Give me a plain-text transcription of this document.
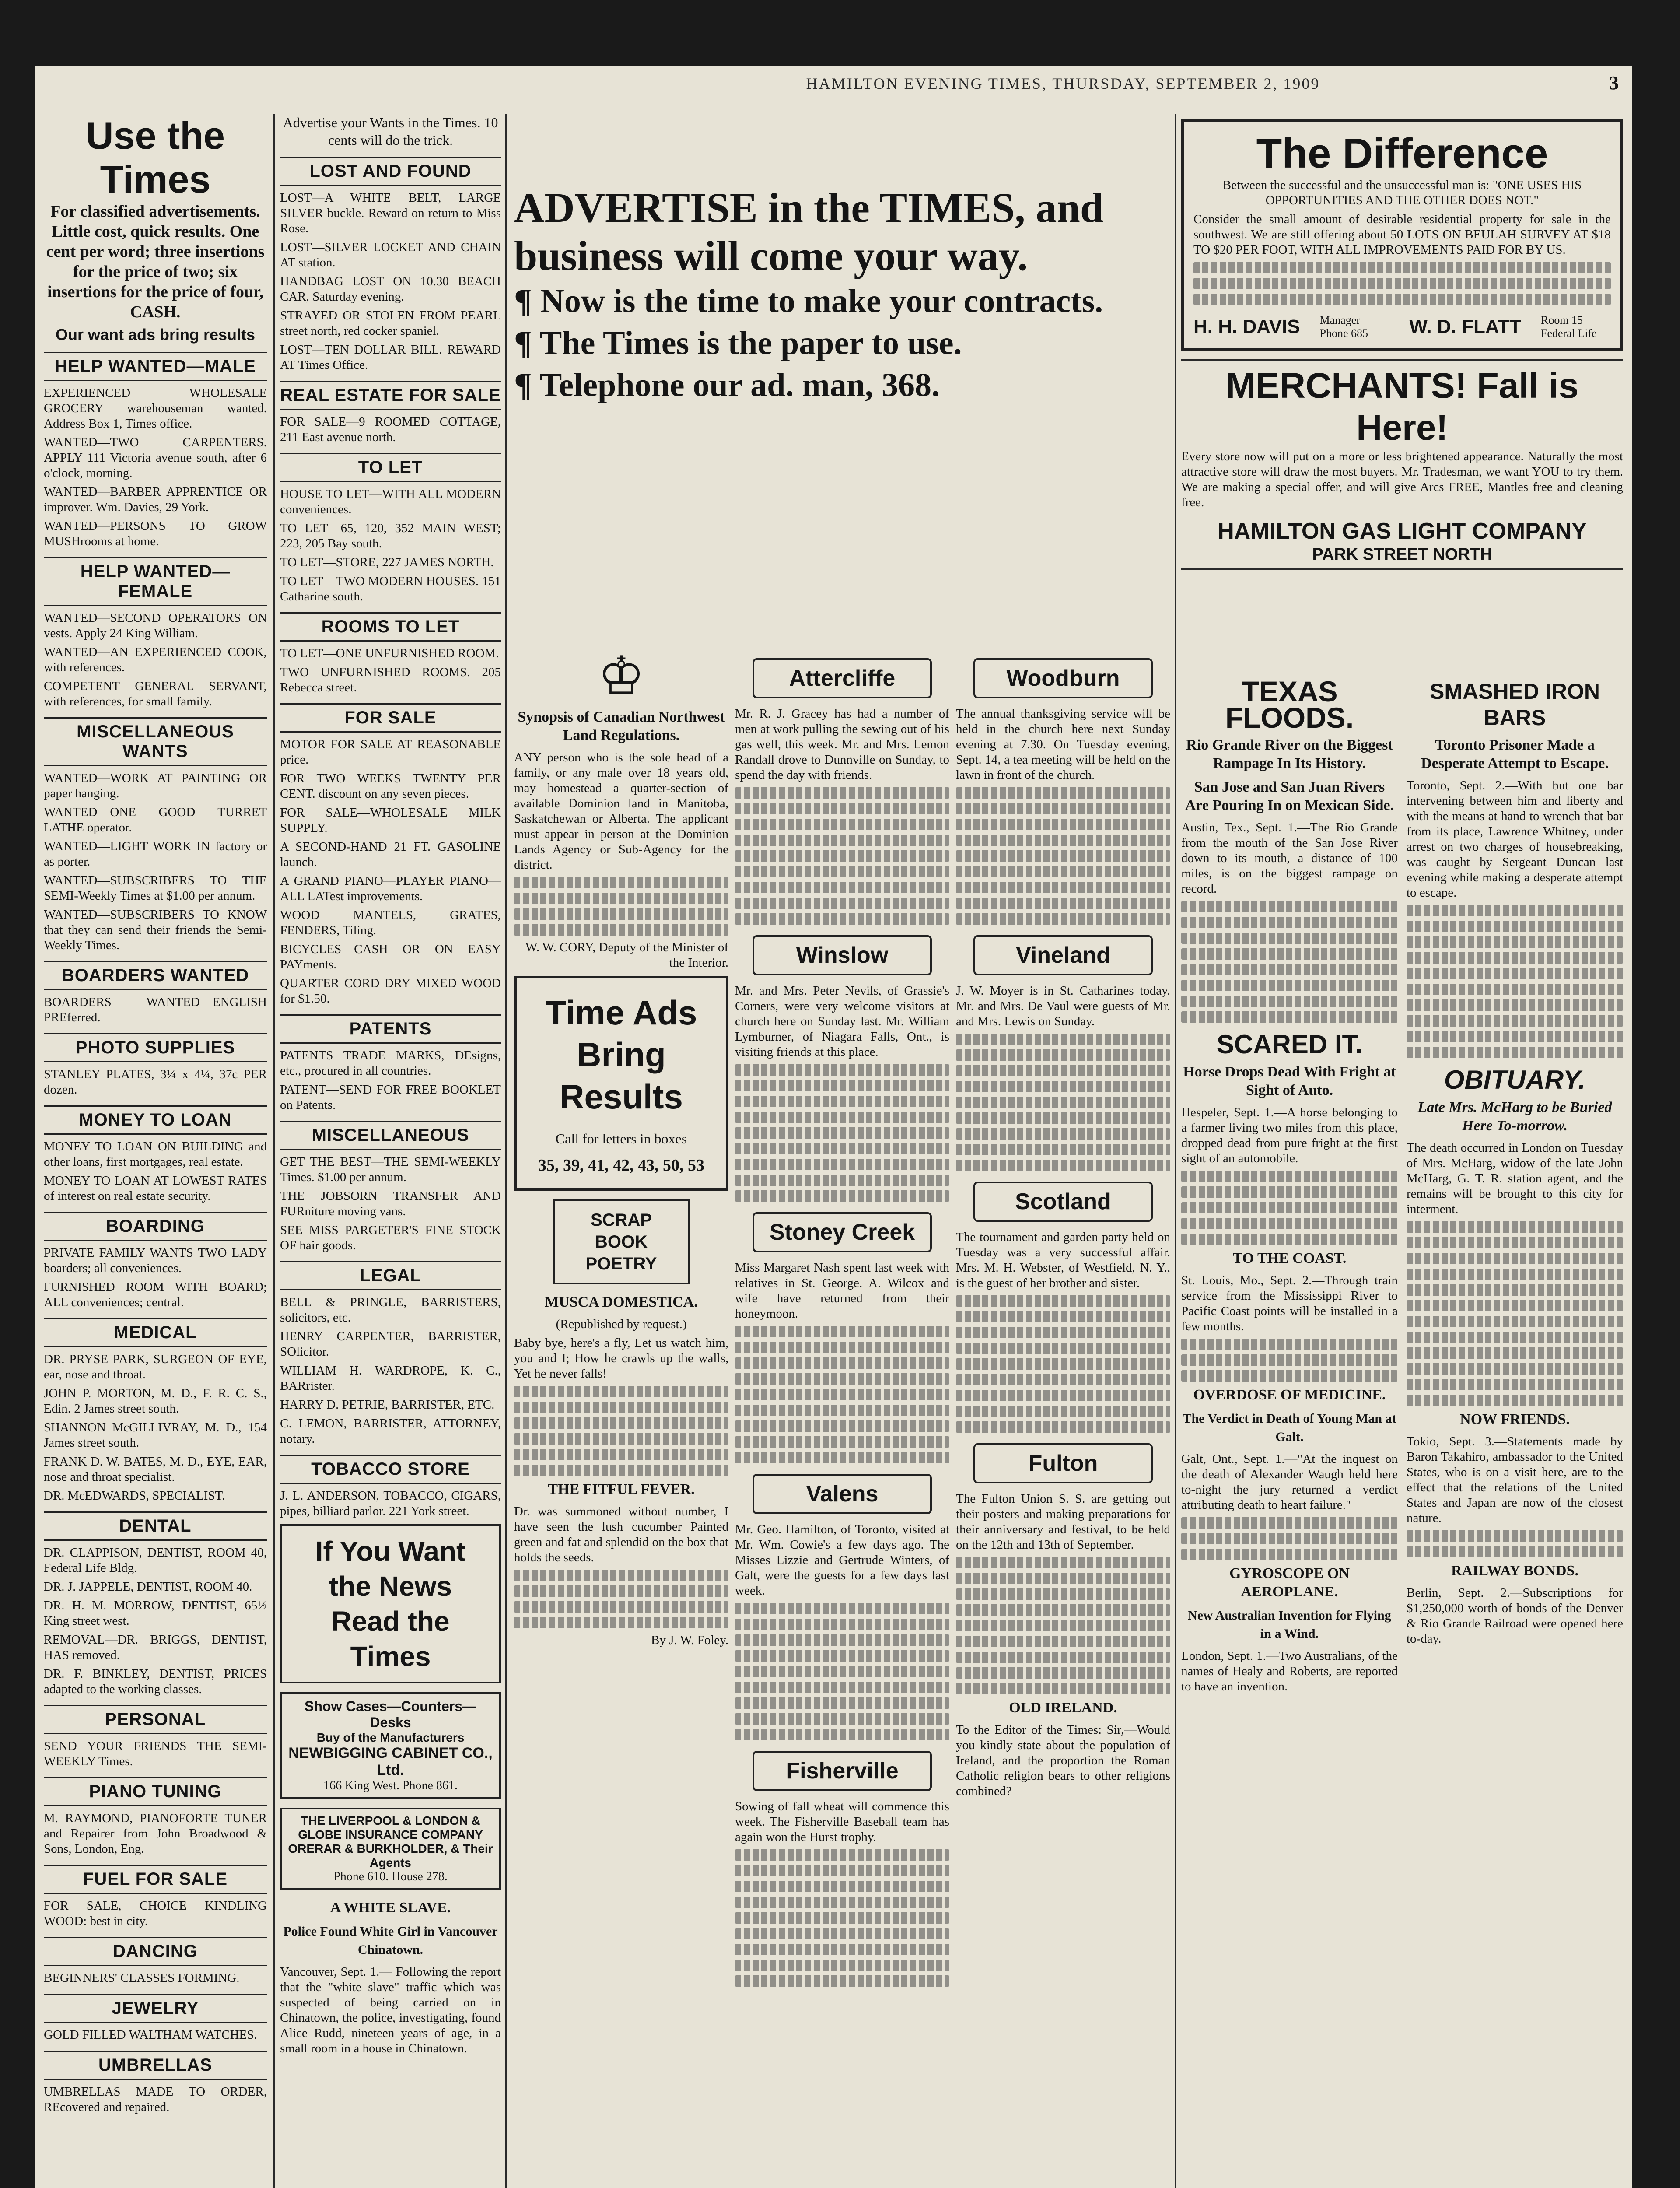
HAMILTON EVENING TIMES, THURSDAY, SEPTEMBER 2, 1909	3
Use the Times

For classified advertisements. Little cost, quick results. One cent per word; three insertions for the price of two; six insertions for the price of four, CASH.

Our want ads bring results
HELP WANTED—MALE

EXPERIENCED WHOLESALE GROCERY warehouseman wanted. Address Box 1, Times office.

WANTED—TWO CARPENTERS. APPLY 111 Victoria avenue south, after 6 o'clock, morning.

WANTED—BARBER APPRENTICE OR improver. Wm. Davies, 29 York.

WANTED—PERSONS TO GROW MUSHrooms at home.

HELP WANTED—FEMALE

WANTED—SECOND OPERATORS ON vests. Apply 24 King William.

WANTED—AN EXPERIENCED COOK, with references.

COMPETENT GENERAL SERVANT, with references, for small family.

MISCELLANEOUS WANTS

WANTED—WORK AT PAINTING OR paper hanging.

WANTED—ONE GOOD TURRET LATHE operator.

WANTED—LIGHT WORK IN factory or as porter.

WANTED—SUBSCRIBERS TO THE SEMI-Weekly Times at $1.00 per annum.

WANTED—SUBSCRIBERS TO KNOW that they can send their friends the Semi-Weekly Times.

BOARDERS WANTED

BOARDERS WANTED—ENGLISH PREferred.

PHOTO SUPPLIES

STANLEY PLATES, 3¼ x 4¼, 37c PER dozen.

MONEY TO LOAN

MONEY TO LOAN ON BUILDING and other loans, first mortgages, real estate.

MONEY TO LOAN AT LOWEST RATES of interest on real estate security.

BOARDING

PRIVATE FAMILY WANTS TWO LADY boarders; all conveniences.

FURNISHED ROOM WITH BOARD; ALL conveniences; central.

MEDICAL

DR. PRYSE PARK, SURGEON OF EYE, ear, nose and throat.

JOHN P. MORTON, M. D., F. R. C. S., Edin. 2 James street south.

SHANNON McGILLIVRAY, M. D., 154 James street south.

FRANK D. W. BATES, M. D., EYE, EAR, nose and throat specialist.

DR. McEDWARDS, SPECIALIST.

DENTAL

DR. CLAPPISON, DENTIST, ROOM 40, Federal Life Bldg.

DR. J. JAPPELE, DENTIST, ROOM 40.

DR. H. M. MORROW, DENTIST, 65½ King street west.

REMOVAL—DR. BRIGGS, DENTIST, HAS removed.

DR. F. BINKLEY, DENTIST, PRICES adapted to the working classes.

PERSONAL

SEND YOUR FRIENDS THE SEMI-WEEKLY Times.

PIANO TUNING

M. RAYMOND, PIANOFORTE TUNER and Repairer from John Broadwood & Sons, London, Eng.

FUEL FOR SALE

FOR SALE, CHOICE KINDLING WOOD: best in city.

DANCING

BEGINNERS' CLASSES FORMING.

JEWELRY

GOLD FILLED WALTHAM WATCHES.

UMBRELLAS

UMBRELLAS MADE TO ORDER, REcovered and repaired.

Advertise your Wants in the Times. 10 cents will do the trick.

LOST AND FOUND

LOST—A WHITE BELT, LARGE SILVER buckle. Reward on return to Miss Rose.

LOST—SILVER LOCKET AND CHAIN AT station.

HANDBAG LOST ON 10.30 BEACH CAR, Saturday evening.

STRAYED OR STOLEN FROM PEARL street north, red cocker spaniel.

LOST—TEN DOLLAR BILL. REWARD AT Times Office.

REAL ESTATE FOR SALE

FOR SALE—9 ROOMED COTTAGE, 211 East avenue north.

TO LET

HOUSE TO LET—WITH ALL MODERN conveniences.

TO LET—65, 120, 352 MAIN WEST; 223, 205 Bay south.

TO LET—STORE, 227 JAMES NORTH.

TO LET—TWO MODERN HOUSES. 151 Catharine south.

ROOMS TO LET

TO LET—ONE UNFURNISHED ROOM.

TWO UNFURNISHED ROOMS. 205 Rebecca street.

FOR SALE

MOTOR FOR SALE AT REASONABLE price.

FOR TWO WEEKS TWENTY PER CENT. discount on any seven pieces.

FOR SALE—WHOLESALE MILK SUPPLY.

A SECOND-HAND 21 FT. GASOLINE launch.

A GRAND PIANO—PLAYER PIANO—ALL LATest improvements.

WOOD MANTELS, GRATES, FENDERS, Tiling.

BICYCLES—CASH OR ON EASY PAYments.

QUARTER CORD DRY MIXED WOOD for $1.50.

PATENTS

PATENTS TRADE MARKS, DEsigns, etc., procured in all countries.

PATENT—SEND FOR FREE BOOKLET on Patents.

MISCELLANEOUS

GET THE BEST—THE SEMI-WEEKLY Times. $1.00 per annum.

THE JOBSORN TRANSFER AND FURniture moving vans.

SEE MISS PARGETER'S FINE STOCK OF hair goods.

LEGAL

BELL & PRINGLE, BARRISTERS, solicitors, etc.

HENRY CARPENTER, BARRISTER, SOlicitor.

WILLIAM H. WARDROPE, K. C., BARrister.

HARRY D. PETRIE, BARRISTER, ETC.

C. LEMON, BARRISTER, ATTORNEY, notary.

TOBACCO STORE

J. L. ANDERSON, TOBACCO, CIGARS, pipes, billiard parlor. 221 York street.

If You Want the News Read the Times
Show Cases—Counters—Desks
Buy of the Manufacturers
NEWBIGGING CABINET CO., Ltd.
166 King West. Phone 861.
THE LIVERPOOL & LONDON & GLOBE INSURANCE COMPANY
ORERAR & BURKHOLDER, & Their Agents
Phone 610. House 278.
A WHITE SLAVE.
Police Found White Girl in Vancouver Chinatown.

Vancouver, Sept. 1.— Following the report that the "white slave" traffic which was suspected of being carried on in Chinatown, the police, investigating, found Alice Rudd, nineteen years of age, in a small room in a house in Chinatown.

ADVERTISE in the TIMES, and business will come your way.
¶ Now is the time to make your contracts.
¶ The Times is the paper to use.
¶ Telephone our ad. man, 368.
♔
Synopsis of Canadian Northwest Land Regulations.

ANY person who is the sole head of a family, or any male over 18 years old, may homestead a quarter-section of available Dominion land in Manitoba, Saskatchewan or Alberta. The applicant must appear in person at the Dominion Lands Agency or Sub-Agency for the district.

W. W. CORY, Deputy of the Minister of the Interior.

Time Ads
Bring
Results
Call for letters in boxes
35, 39, 41, 42, 43, 50, 53
SCRAP BOOK POETRY
MUSCA DOMESTICA.

(Republished by request.)

Baby bye, here's a fly, Let us watch him, you and I; How he crawls up the walls, Yet he never falls!

THE FITFUL FEVER.

Dr. was summoned without number, I have seen the lush cucumber Painted green and fat and splendid on the box that holds the seeds.

—By J. W. Foley.

Attercliffe

Mr. R. J. Gracey has had a number of men at work pulling the sewing out of his gas well, this week. Mr. and Mrs. Lemon Randall drove to Dunnville on Sunday, to spend the day with friends.

Winslow

Mr. and Mrs. Peter Nevils, of Grassie's Corners, were very welcome visitors at church here on Sunday last. Mr. William Lymburner, of Niagara Falls, Ont., is visiting friends at this place.

Stoney Creek

Miss Margaret Nash spent last week with relatives in St. George. A. Wilcox and wife have returned from their honeymoon.

Valens

Mr. Geo. Hamilton, of Toronto, visited at Mr. Wm. Cowie's a few days ago. The Misses Lizzie and Gertrude Winters, of Galt, were the guests for a few days last week.

Fisherville

Sowing of fall wheat will commence this week. The Fisherville Baseball team has again won the Hurst trophy.

Woodburn

The annual thanksgiving service will be held in the church here next Sunday evening at 7.30. On Tuesday evening, Sept. 14, a tea meeting will be held on the lawn in front of the church.

Vineland

J. W. Moyer is in St. Catharines today. Mr. and Mrs. De Vaul were guests of Mr. and Mrs. Lewis on Sunday.

Scotland

The tournament and garden party held on Tuesday was a very successful affair. Mrs. M. H. Webster, of Westfield, N. Y., is the guest of her brother and sister.

Fulton

The Fulton Union S. S. are getting out their posters and making preparations for their anniversary and festival, to be held on the 12th and 13th of September.

OLD IRELAND.

To the Editor of the Times: Sir,—Would you kindly state about the population of Ireland, and the proportion the Roman Catholic religion bears to other religions combined?

The Difference

Between the successful and the unsuccessful man is: "ONE USES HIS OPPORTUNITIES AND THE OTHER DOES NOT."

Consider the small amount of desirable residential property for sale in the southwest. We are still offering about 50 LOTS ON BEULAH SURVEY AT $18 TO $20 PER FOOT, WITH ALL IMPROVEMENTS PAID FOR BY US.

H. H. DAVIS Manager Phone 685	W. D. FLATT Room 15 Federal Life
MERCHANTS! Fall is Here!

Every store now will put on a more or less brightened appearance. Naturally the most attractive store will draw the most buyers. Mr. Tradesman, we want YOU to try them. We are making a special offer, and will give Arcs FREE, Mantles free and cleaning free.

HAMILTON GAS LIGHT COMPANY
PARK STREET NORTH
TEXAS FLOODS.
Rio Grande River on the Biggest Rampage In Its History.
San Jose and San Juan Rivers Are Pouring In on Mexican Side.

Austin, Tex., Sept. 1.—The Rio Grande from the mouth of the San Jose River down to its mouth, a distance of 100 miles, is on the biggest rampage on record.

SCARED IT.
Horse Drops Dead With Fright at Sight of Auto.

Hespeler, Sept. 1.—A horse belonging to a farmer living two miles from this place, dropped dead from pure fright at the first sight of an automobile.

TO THE COAST.

St. Louis, Mo., Sept. 2.—Through train service from the Mississippi River to Pacific Coast points will be installed in a few months.

OVERDOSE OF MEDICINE.
The Verdict in Death of Young Man at Galt.

Galt, Ont., Sept. 1.—"At the inquest on the death of Alexander Waugh held here to-night the jury returned a verdict attributing death to heart failure."

GYROSCOPE ON AEROPLANE.
New Australian Invention for Flying in a Wind.

London, Sept. 1.—Two Australians, of the names of Healy and Roberts, are reported to have an invention.

SMASHED IRON BARS
Toronto Prisoner Made a Desperate Attempt to Escape.

Toronto, Sept. 2.—With but one bar intervening between him and liberty and with the means at hand to wrench that bar from its place, Lawrence Whitney, under arrest on two charges of housebreaking, was caught by Sergeant Duncan last evening while making a desperate attempt to escape.

OBITUARY.
Late Mrs. McHarg to be Buried Here To-morrow.

The death occurred in London on Tuesday of Mrs. McHarg, widow of the late John McHarg, G. T. R. station agent, and the remains will be brought to this city for interment.

NOW FRIENDS.

Tokio, Sept. 3.—Statements made by Baron Takahiro, ambassador to the United States, who is on a visit here, are to the effect that the relations of the United States and Japan are now of the closest nature.

RAILWAY BONDS.

Berlin, Sept. 2.—Subscriptions for $1,250,000 worth of bonds of the Denver & Rio Grande Railroad were opened here to-day.
